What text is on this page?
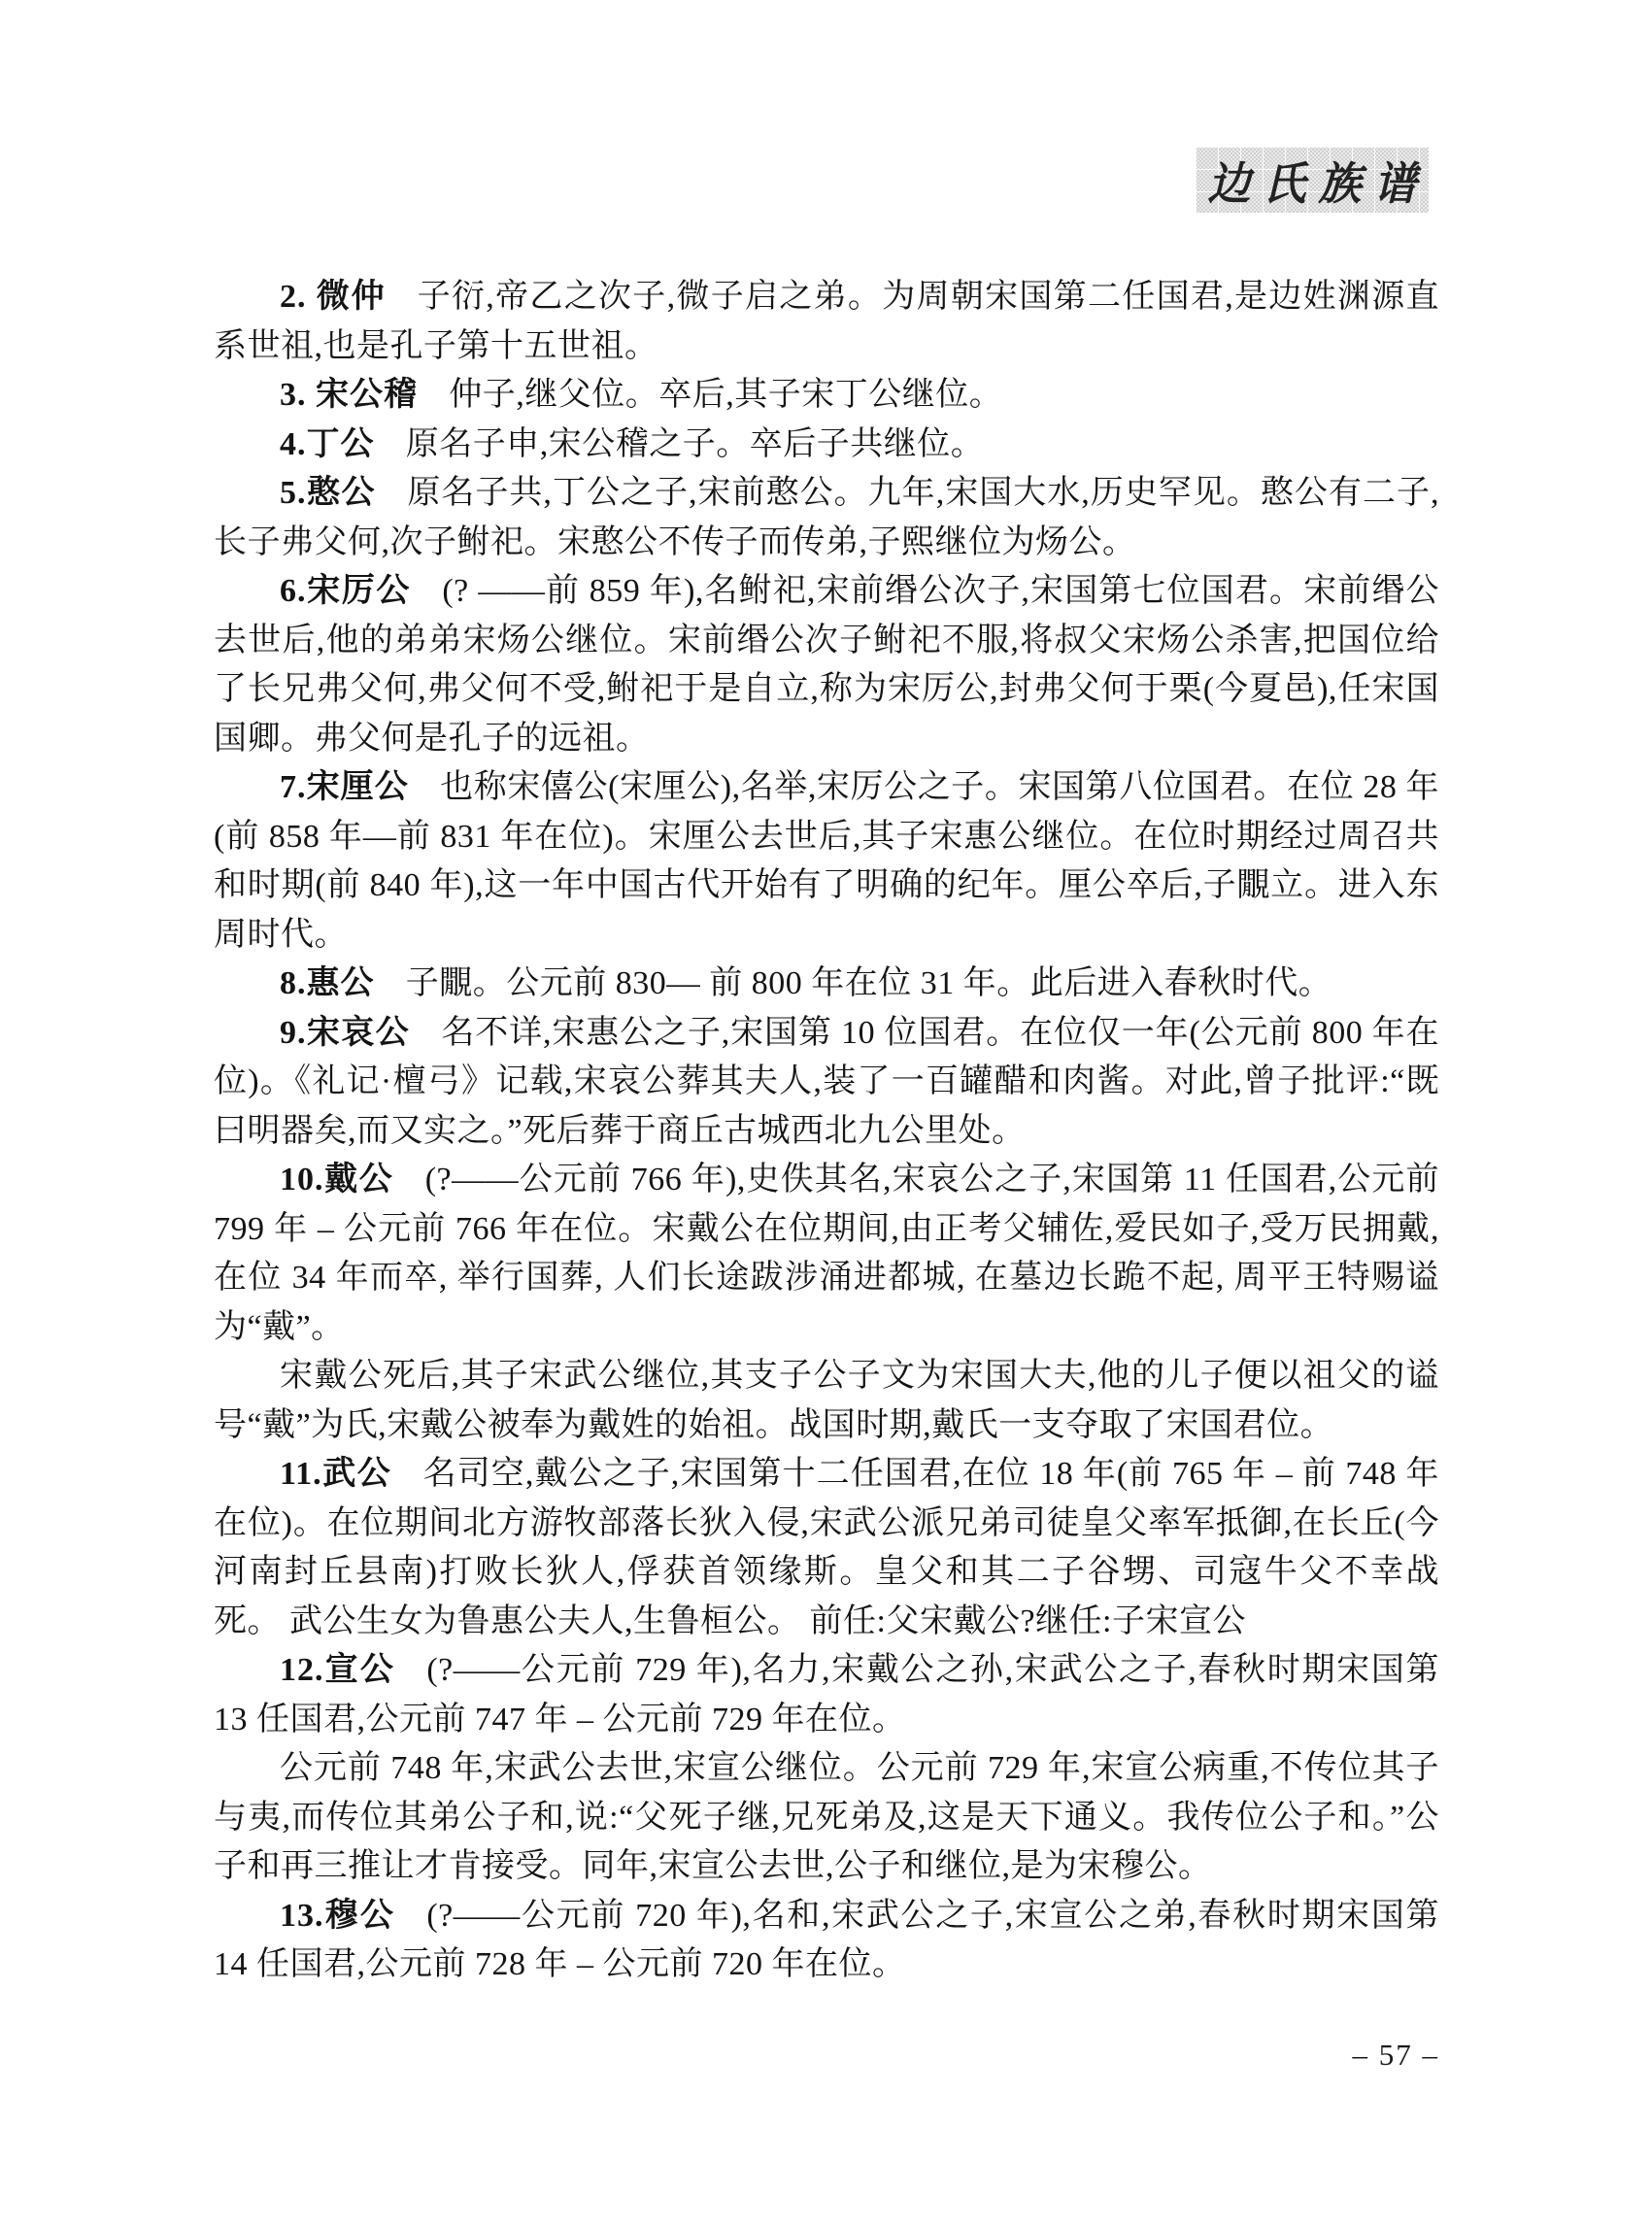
边氏族谱

2. 微仲 子衍,帝乙之次子,微子启之弟。为周朝宋国第二任国君,是边姓渊源直系世祖,也是孔子第十五世祖。

3. 宋公稽 仲子,继父位。卒后,其子宋丁公继位。

4.丁公 原名子申,宋公稽之子。卒后子共继位。

5.憨公 原名子共,丁公之子,宋前憨公。九年,宋国大水,历史罕见。憨公有二子,长子弗父何,次子鲋祀。宋憨公不传子而传弟,子熙继位为炀公。

6.宋厉公 (? ——前 859 年),名鲋祀,宋前缗公次子,宋国第七位国君。宋前缗公去世后,他的弟弟宋炀公继位。宋前缗公次子鲋祀不服,将叔父宋炀公杀害,把国位给了长兄弗父何,弗父何不受,鲋祀于是自立,称为宋厉公,封弗父何于栗(今夏邑),任宋国国卿。弗父何是孔子的远祖。

7.宋厘公 也称宋僖公(宋厘公),名举,宋厉公之子。宋国第八位国君。在位 28 年(前 858 年—前 831 年在位)。宋厘公去世后,其子宋惠公继位。在位时期经过周召共和时期(前 840 年),这一年中国古代开始有了明确的纪年。厘公卒后,子覵立。进入东周时代。

8.惠公 子覵。公元前 830–– 前 800 年在位 31 年。此后进入春秋时代。

9.宋哀公 名不详,宋惠公之子,宋国第 10 位国君。在位仅一年(公元前 800 年在位)。《礼记·檀弓》记载,宋哀公葬其夫人,装了一百罐醋和肉酱。对此,曾子批评:“既曰明器矣,而又实之。”死后葬于商丘古城西北九公里处。

10.戴公 (?——公元前 766 年),史佚其名,宋哀公之子,宋国第 11 任国君,公元前 799 年 – 公元前 766 年在位。宋戴公在位期间,由正考父辅佐,爱民如子,受万民拥戴,在位 34 年而卒, 举行国葬, 人们长途跋涉涌进都城, 在墓边长跪不起, 周平王特赐谥为“戴”。

宋戴公死后,其子宋武公继位,其支子公子文为宋国大夫,他的儿子便以祖父的谥号“戴”为氏,宋戴公被奉为戴姓的始祖。战国时期,戴氏一支夺取了宋国君位。

11.武公 名司空,戴公之子,宋国第十二任国君,在位 18 年(前 765 年 – 前 748 年在位)。在位期间北方游牧部落长狄入侵,宋武公派兄弟司徒皇父率军抵御,在长丘(今河南封丘县南)打败长狄人,俘获首领缘斯。皇父和其二子谷甥、司寇牛父不幸战死。 武公生女为鲁惠公夫人,生鲁桓公。 前任:父宋戴公?继任:子宋宣公

12.宣公 (?——公元前 729 年),名力,宋戴公之孙,宋武公之子,春秋时期宋国第 13 任国君,公元前 747 年 – 公元前 729 年在位。

公元前 748 年,宋武公去世,宋宣公继位。公元前 729 年,宋宣公病重,不传位其子与夷,而传位其弟公子和,说:“父死子继,兄死弟及,这是天下通义。我传位公子和。”公子和再三推让才肯接受。同年,宋宣公去世,公子和继位,是为宋穆公。

13.穆公 (?——公元前 720 年),名和,宋武公之子,宋宣公之弟,春秋时期宋国第 14 任国君,公元前 728 年 – 公元前 720 年在位。

– 57 –
